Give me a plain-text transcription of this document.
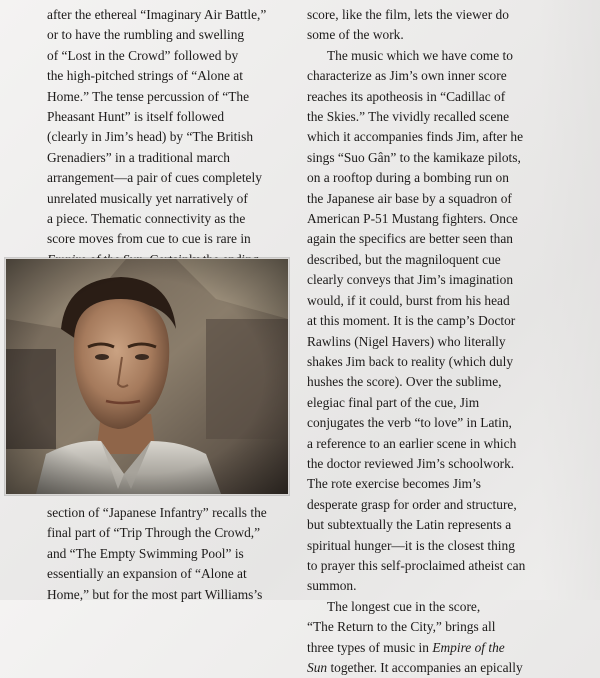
after the ethereal “Imaginary Air Battle,”
or to have the rumbling and swelling
of “Lost in the Crowd” followed by
the high-pitched strings of “Alone at
Home.” The tense percussion of “The
Pheasant Hunt” is itself followed
(clearly in Jim’s head) by “The British
Grenadiers” in a traditional march
arrangement—a pair of cues completely
unrelated musically yet narratively of
a piece. Thematic connectivity as the
score moves from cue to cue is rare in

section of “Japanese Infantry” recalls the
final part of “Trip Through the Crowd,”
and “The Empty Swimming Pool” is
essentially an expansion of “Alone at
Home,” but for the most part Williams’s

score, like the film, lets the viewer do
some of the work.

The music which we have come to
characterize as Jim’s own inner score
reaches its apotheosis in “Cadillac of
the Skies.” The vividly recalled scene
which it accompanies finds Jim, after he
sings “Suo Gân” to the kamikaze pilots,
on a rooftop during a bombing run on
the Japanese air base by a squadron of
American P-51 Mustang fighters. Once
again the specifics are better seen than
described, but the magniloquent cue
clearly conveys that Jim’s imagination
would, if it could, burst from his head
at this moment. It is the camp’s Doctor
Rawlins (Nigel Havers) who literally
shakes Jim back to reality (which duly
hushes the score). Over the sublime,
elegiac final part of the cue, Jim
conjugates the verb “to love” in Latin,
a reference to an earlier scene in which
the doctor reviewed Jim’s schoolwork.
The rote exercise becomes Jim’s
desperate grasp for order and structure,
but subtextually the Latin represents a
spiritual hunger—it is the closest thing
to prayer this self-proclaimed atheist can
summon.

The longest cue in the score,
“The Return to the City,” brings all
three types of music in Empire of the
Sun together. It accompanies an epically
